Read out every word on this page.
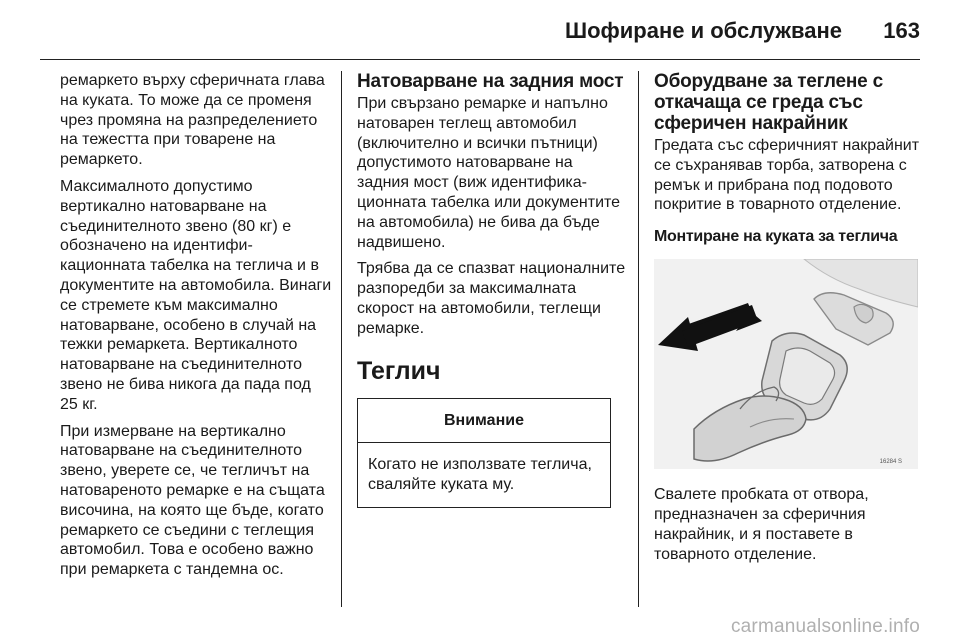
Шофиране и обслужване 163

ремаркето върху сферичната глава на куката. То може да се променя чрез промяна на разпределението на тежестта при товарене на ремаркето.

Максималното допустимо вертикално натоварване на съединителното звено (80 кг) е обозначено на идентифи-кационната табелка на теглича и в документите на автомобила. Винаги се стремете към максимално натоварване, особено в случай на тежки ремаркета. Вертикалното натоварване на съединителното звено не бива никога да пада под 25 кг.

При измерване на вертикално натоварване на съединителното звено, уверете се, че тегличът на натовареното ремарке е на същата височина, на която ще бъде, когато ремаркето се съедини с теглещия автомобил. Това е особено важно при ремаркета с тандемна ос.

Натоварване на задния мост

При свързано ремарке и напълно натоварен теглещ автомобил (включително и всички пътници) допустимото натоварване на задния мост (виж идентифика-ционната табелка или документите на автомобила) не бива да бъде надвишено.

Трябва да се спазват националните разпоредби за максималната скорост на автомобили, теглещи ремарке.

Теглич
Внимание
Когато не използвате теглича, сваляйте куката му.
Оборудване за теглене с откачаща се греда със сферичен накрайник

Гредата със сферичният накрайнит се съхранявав торба, затворена с ремък и прибрана под подовото покритие в товарното отделение.

Монтиране на куката за теглича
16284 S

Свалете пробката от отвора, предназначен за сферичния накрайник, и я поставете в товарното отделение.

carmanualsonline.info
